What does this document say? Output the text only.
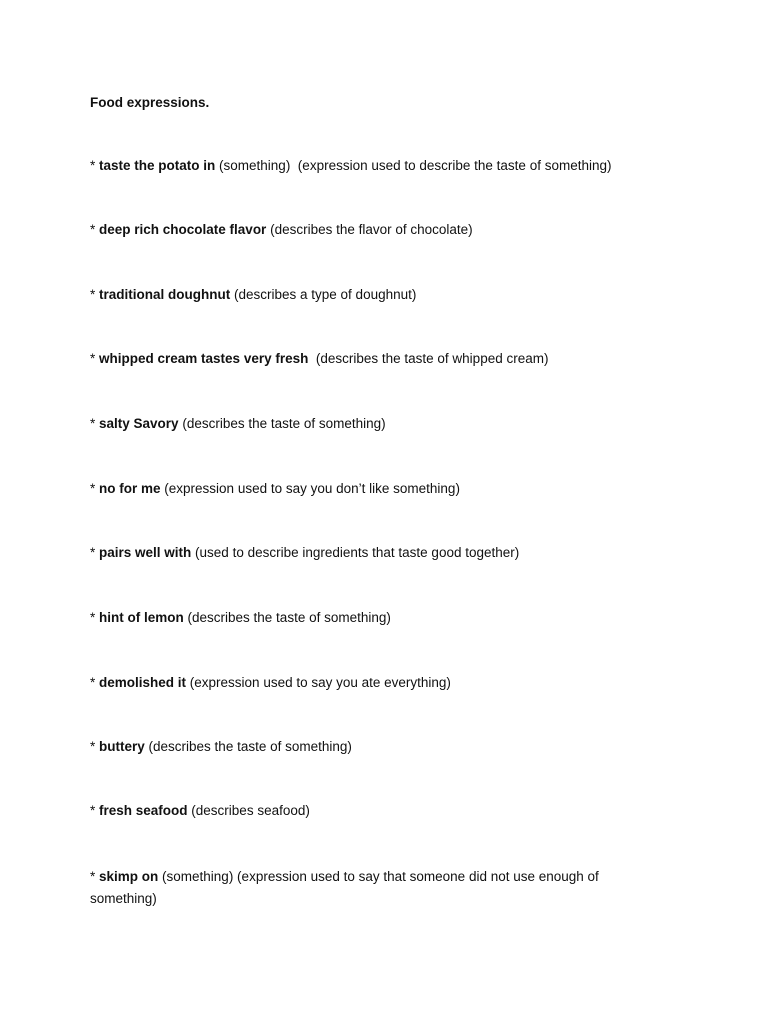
Food expressions.

* taste the potato in (something)  (expression used to describe the taste of something)

* deep rich chocolate flavor (describes the flavor of chocolate)

* traditional doughnut (describes a type of doughnut)

* whipped cream tastes very fresh  (describes the taste of whipped cream)

* salty Savory (describes the taste of something)

* no for me (expression used to say you don’t like something)

* pairs well with (used to describe ingredients that taste good together)

* hint of lemon (describes the taste of something)

* demolished it (expression used to say you ate everything)

* buttery (describes the taste of something)

* fresh seafood (describes seafood)

* skimp on (something) (expression used to say that someone did not use enough of something)
